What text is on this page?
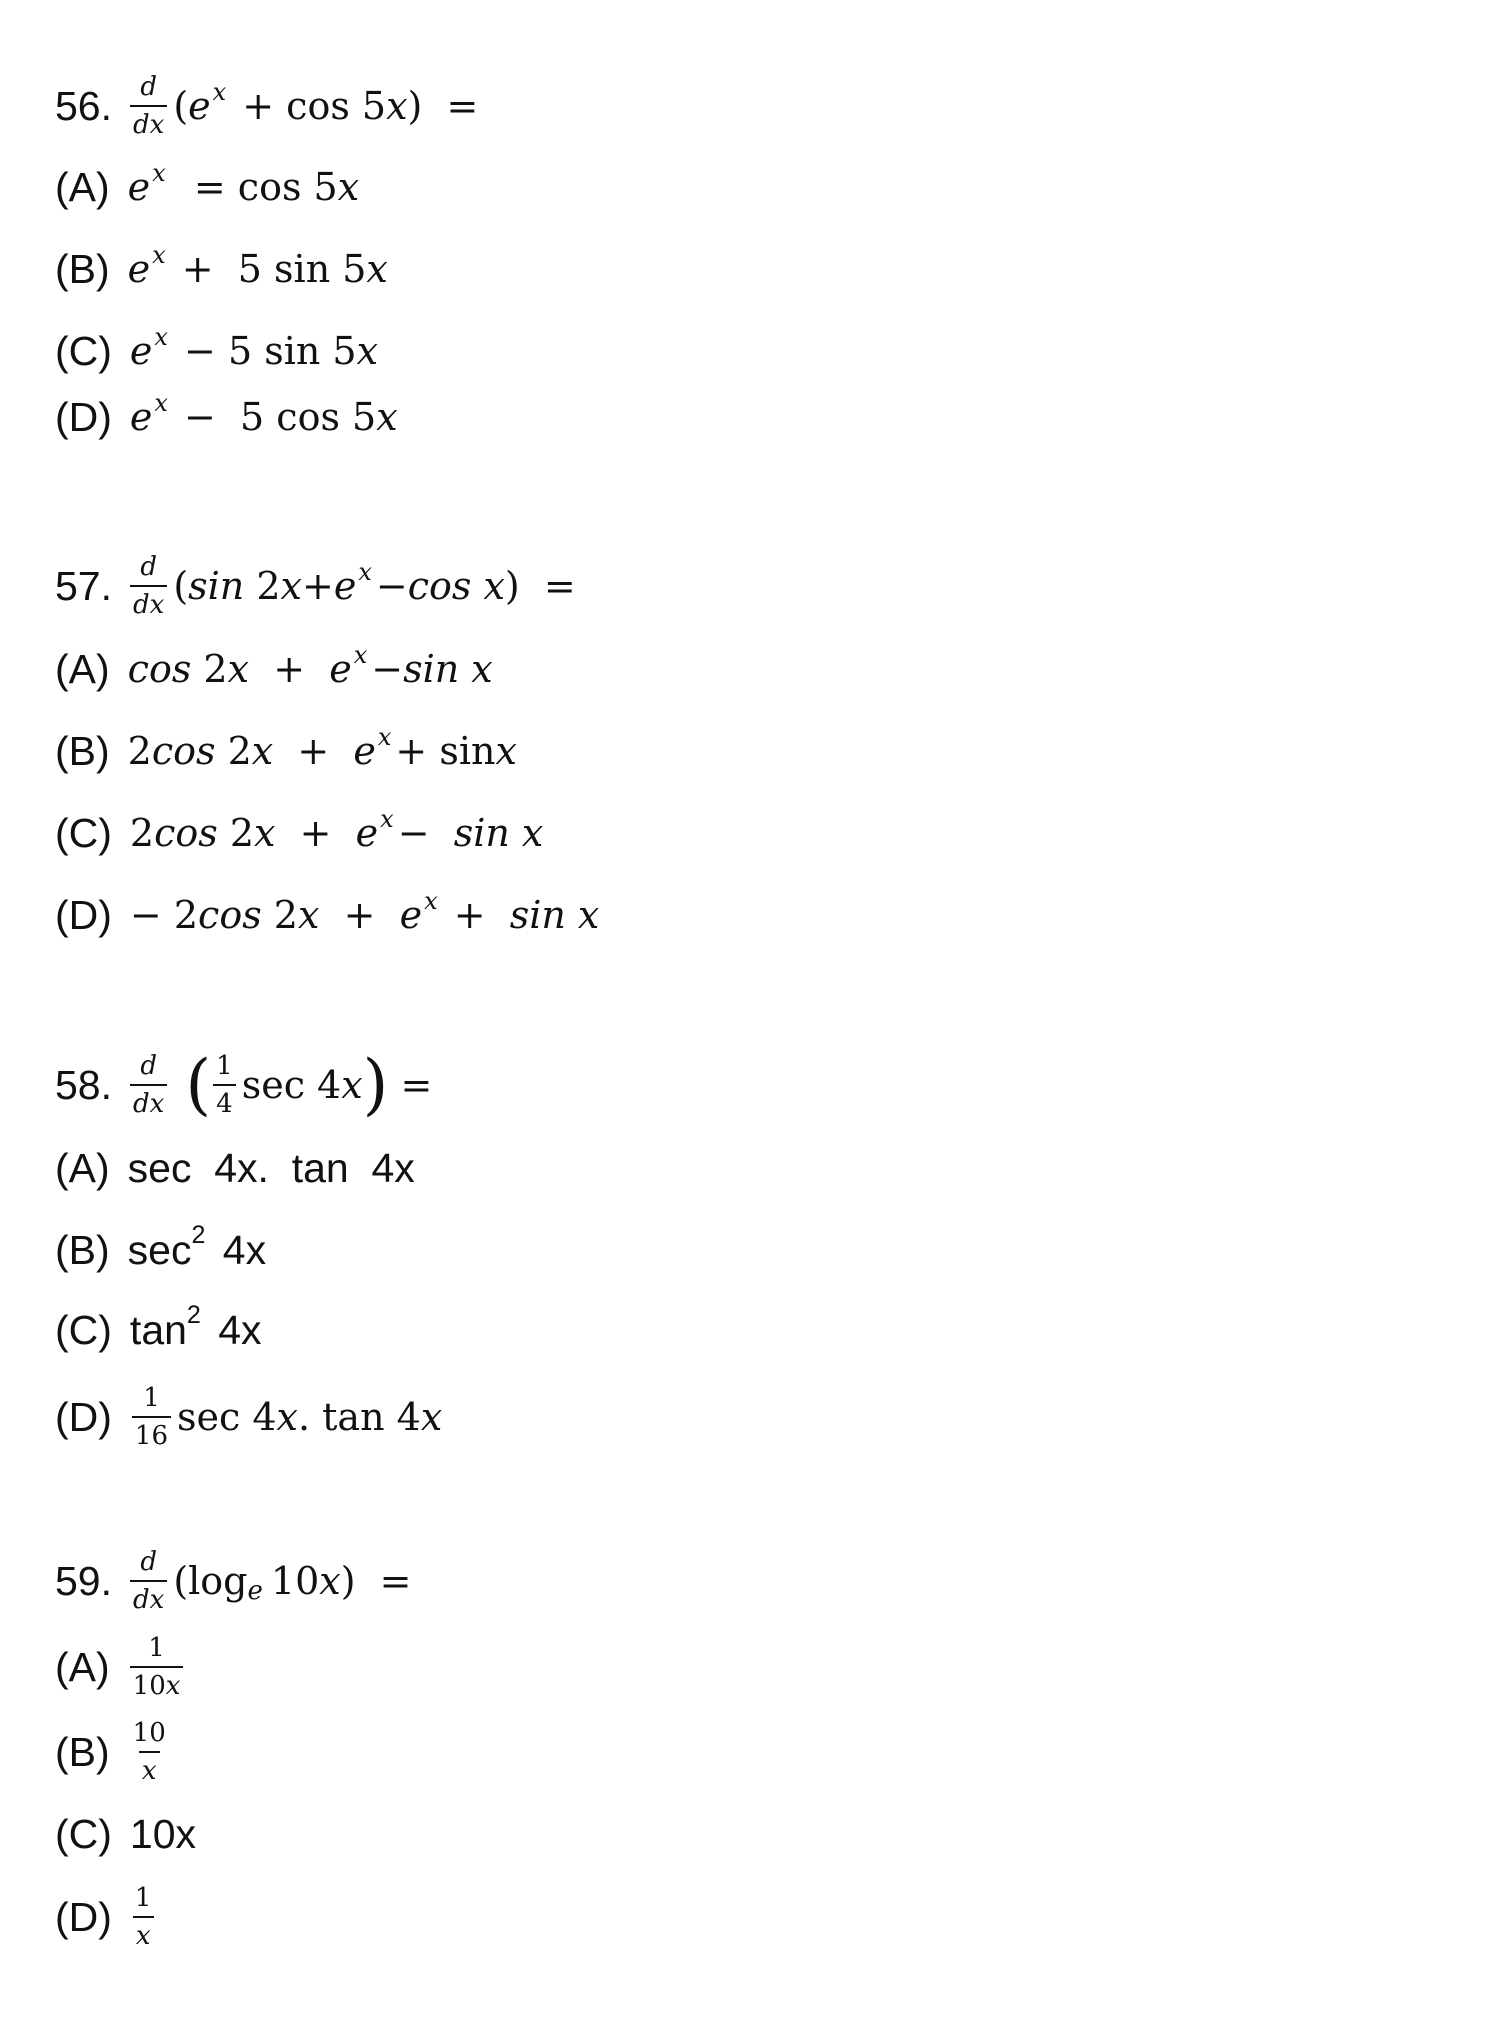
56. $\frac{d}{dx}$ ( e x + cos 5 x )  =
(A) e x = cos 5 x
(B) e x +  5 sin 5 x
(C) e x − 5 sin 5 x
(D) e x −  5 cos 5 x
57. $\frac{d}{dx}$ ( sin 2 x + e x − cos x )  =
(A) cos 2 x + e x − sin x
(B) 2 cos 2 x + e x + sin x
(C) 2 cos 2 x + e x − sin x
(D) − 2 cos 2 x + e x + sin x
58. $\frac{d}{dx}$
( $\frac{1}{4}$ sec 4 x ) =
(A) sec  4x.  tan  4x
(B) sec 2 4x
(C) tan 2 4x
$(D) \frac{1}{16}$ sec 4 x . tan 4 x
59. $\frac{d}{dx} (\log$ e 10 x )  =
$(A) \frac{1}{10x}$
$(B) \frac{10}{x}$
(C) 10x
$(D) \frac{1}{x}$
